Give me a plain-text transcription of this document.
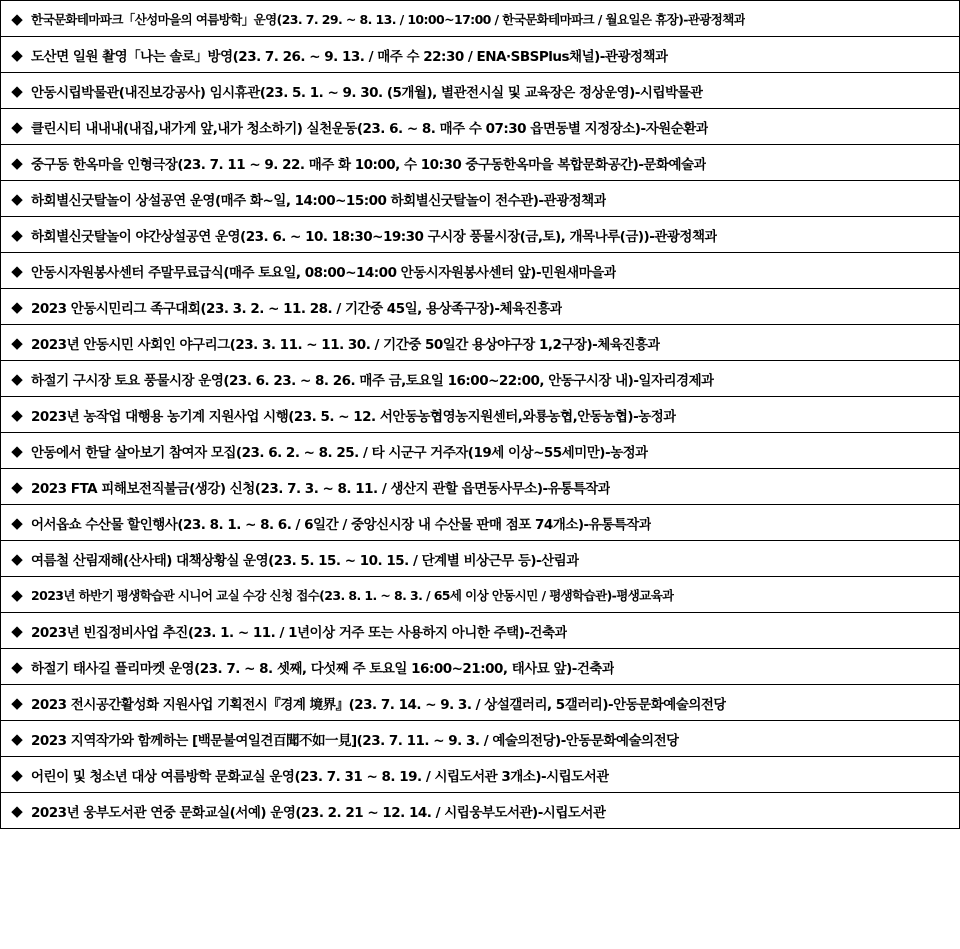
◆ 한국문화테마파크「산성마을의 여름방학」운영(23. 7. 29. ~ 8. 13. / 10:00~17:00 / 한국문화테마파크 / 월요일은 휴장)-관광정책과
◆ 도산면 일원 촬영「나는 솔로」방영(23. 7. 26. ~ 9. 13. / 매주 수 22:30 / ENA·SBSPlus채널)-관광정책과
◆ 안동시립박물관(내진보강공사) 임시휴관(23. 5. 1. ~ 9. 30. (5개월), 별관전시실 및 교육장은 정상운영)-시립박물관
◆ 클린시티 내내내(내집,내가게 앞,내가 청소하기) 실천운동(23. 6. ~ 8. 매주 수 07:30 읍면동별 지정장소)-자원순환과
◆ 중구동 한옥마을 인형극장(23. 7. 11 ~ 9. 22. 매주 화 10:00, 수 10:30 중구동한옥마을 복합문화공간)-문화예술과
◆ 하회별신굿탈놀이 상설공연 운영(매주 화~일, 14:00~15:00 하회별신굿탈놀이 전수관)-관광정책과
◆ 하회별신굿탈놀이 야간상설공연 운영(23. 6. ~ 10. 18:30~19:30 구시장 풍물시장(금,토), 개목나루(금))-관광정책과
◆ 안동시자원봉사센터 주말무료급식(매주 토요일, 08:00~14:00 안동시자원봉사센터 앞)-민원새마을과
◆ 2023 안동시민리그 족구대회(23. 3. 2. ~ 11. 28. / 기간중 45일, 용상족구장)-체육진흥과
◆ 2023년 안동시민 사회인 야구리그(23. 3. 11. ~ 11. 30. / 기간중 50일간 용상야구장 1,2구장)-체육진흥과
◆ 하절기 구시장 토요 풍물시장 운영(23. 6. 23. ~ 8. 26. 매주 금,토요일 16:00~22:00, 안동구시장 내)-일자리경제과
◆ 2023년 농작업 대행용 농기계 지원사업 시행(23. 5. ~ 12. 서안동농협영농지원센터,와룡농협,안동농협)-농정과
◆ 안동에서 한달 살아보기 참여자 모집(23. 6. 2. ~ 8. 25. / 타 시군구 거주자(19세 이상~55세미만)-농정과
◆ 2023 FTA 피해보전직불금(생강) 신청(23. 7. 3. ~ 8. 11. / 생산지 관할 읍면동사무소)-유통특작과
◆ 어서옵쇼 수산물 할인행사(23. 8. 1. ~ 8. 6. / 6일간 / 중앙신시장 내 수산물 판매 점포 74개소)-유통특작과
◆ 여름철 산림재해(산사태) 대책상황실 운영(23. 5. 15. ~ 10. 15. / 단계별 비상근무 등)-산림과
◆ 2023년 하반기 평생학습관 시니어 교실 수강 신청 접수(23. 8. 1. ~ 8. 3. / 65세 이상 안동시민 / 평생학습관)-평생교육과
◆ 2023년 빈집정비사업 추진(23. 1. ~ 11. / 1년이상 거주 또는 사용하지 아니한 주택)-건축과
◆ 하절기 태사길 플리마켓 운영(23. 7. ~ 8. 셋째, 다섯째 주 토요일 16:00~21:00, 태사묘 앞)-건축과
◆ 2023 전시공간활성화 지원사업 기획전시『경계 境界』(23. 7. 14. ~ 9. 3. / 상설갤러리, 5갤러리)-안동문화예술의전당
◆ 2023 지역작가와 함께하는 [백문불여일견百聞不如一見](23. 7. 11. ~ 9. 3. / 예술의전당)-안동문화예술의전당
◆ 어린이 및 청소년 대상 여름방학 문화교실 운영(23. 7. 31 ~ 8. 19. / 시립도서관 3개소)-시립도서관
◆ 2023년 웅부도서관 연중 문화교실(서예) 운영(23. 2. 21 ~ 12. 14. / 시립웅부도서관)-시립도서관
